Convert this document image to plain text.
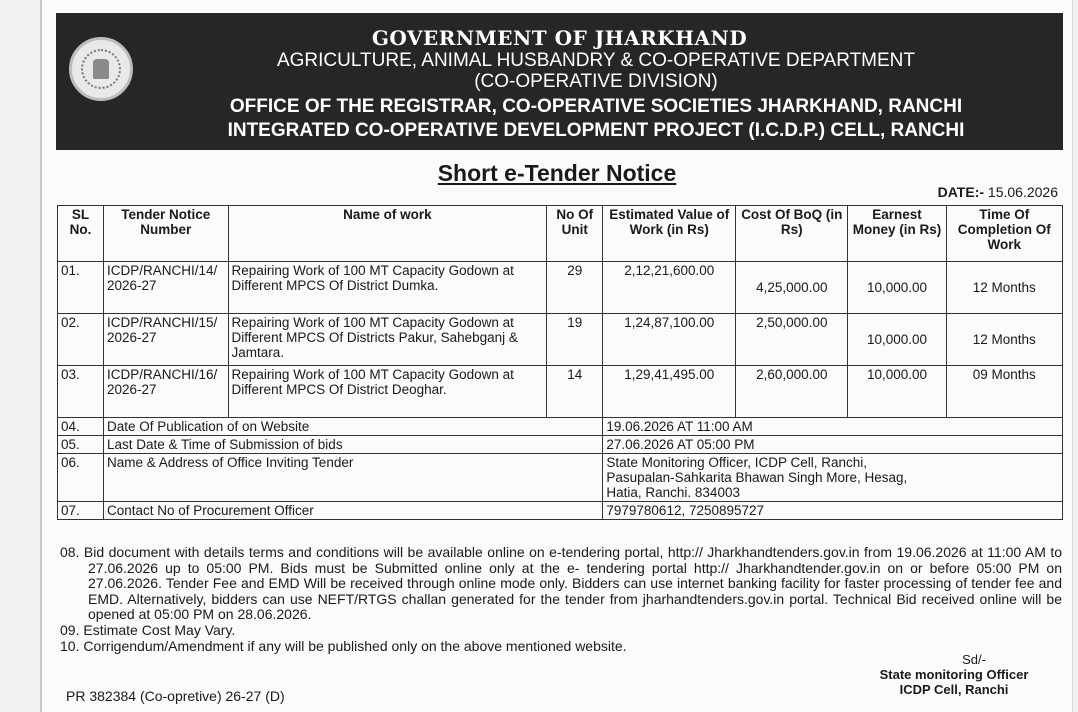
GOVERNMENT OF JHARKHAND
AGRICULTURE, ANIMAL HUSBANDRY & CO-OPERATIVE DEPARTMENT
(CO-OPERATIVE DIVISION)
OFFICE OF THE REGISTRAR, CO-OPERATIVE SOCIETIES JHARKHAND, RANCHI
INTEGRATED CO-OPERATIVE DEVELOPMENT PROJECT (I.C.D.P.) CELL, RANCHI
Short e-Tender Notice
DATE:- 15.06.2026
SL No.	Tender Notice Number	Name of work	No Of Unit	Estimated Value of Work (in Rs)	Cost Of BoQ (in Rs)	Earnest Money (in Rs)	Time Of Completion Of Work
01.	ICDP/RANCHI/14/2026-27	Repairing Work of 100 MT Capacity Godown at Different MPCS Of District Dumka.	29	2,12,21,600.00	4,25,000.00	10,000.00	12 Months
02.	ICDP/RANCHI/15/2026-27	Repairing Work of 100 MT Capacity Godown at Different MPCS Of Districts Pakur, Sahebganj & Jamtara.	19	1,24,87,100.00	2,50,000.00	10,000.00	12 Months
03.	ICDP/RANCHI/16/2026-27	Repairing Work of 100 MT Capacity Godown at Different MPCS Of District Deoghar.	14	1,29,41,495.00	2,60,000.00	10,000.00	09 Months
04.	Date Of Publication of on Website			19.06.2026 AT 11:00 AM			
05.	Last Date & Time of Submission of bids			27.06.2026 AT 05:00 PM			
06.	Name & Address of Office Inviting Tender			State Monitoring Officer, ICDP Cell, Ranchi, Pasupalan-Sahkarita Bhawan Singh More, Hesag, Hatia, Ranchi. 834003			
07.	Contact No of Procurement Officer			7979780612, 7250895727			

08. Bid document with details terms and conditions will be available online on e-tendering portal, http:// Jharkhandtenders.gov.in from 19.06.2026 at 11:00 AM to 27.06.2026 up to 05:00 PM. Bids must be Submitted online only at the e- tendering portal http:// Jharkhandtender.gov.in on or before 05:00 PM on 27.06.2026. Tender Fee and EMD Will be received through online mode only. Bidders can use internet banking facility for faster processing of tender fee and EMD. Alternatively, bidders can use NEFT/RTGS challan generated for the tender from jharhandtenders.gov.in portal. Technical Bid received online will be opened at 05:00 PM on 28.06.2026.

09. Estimate Cost May Vary.

10. Corrigendum/Amendment if any will be published only on the above mentioned website.

Sd/-
State monitoring Officer
ICDP Cell, Ranchi
PR 382384 (Co-opretive) 26-27 (D)
